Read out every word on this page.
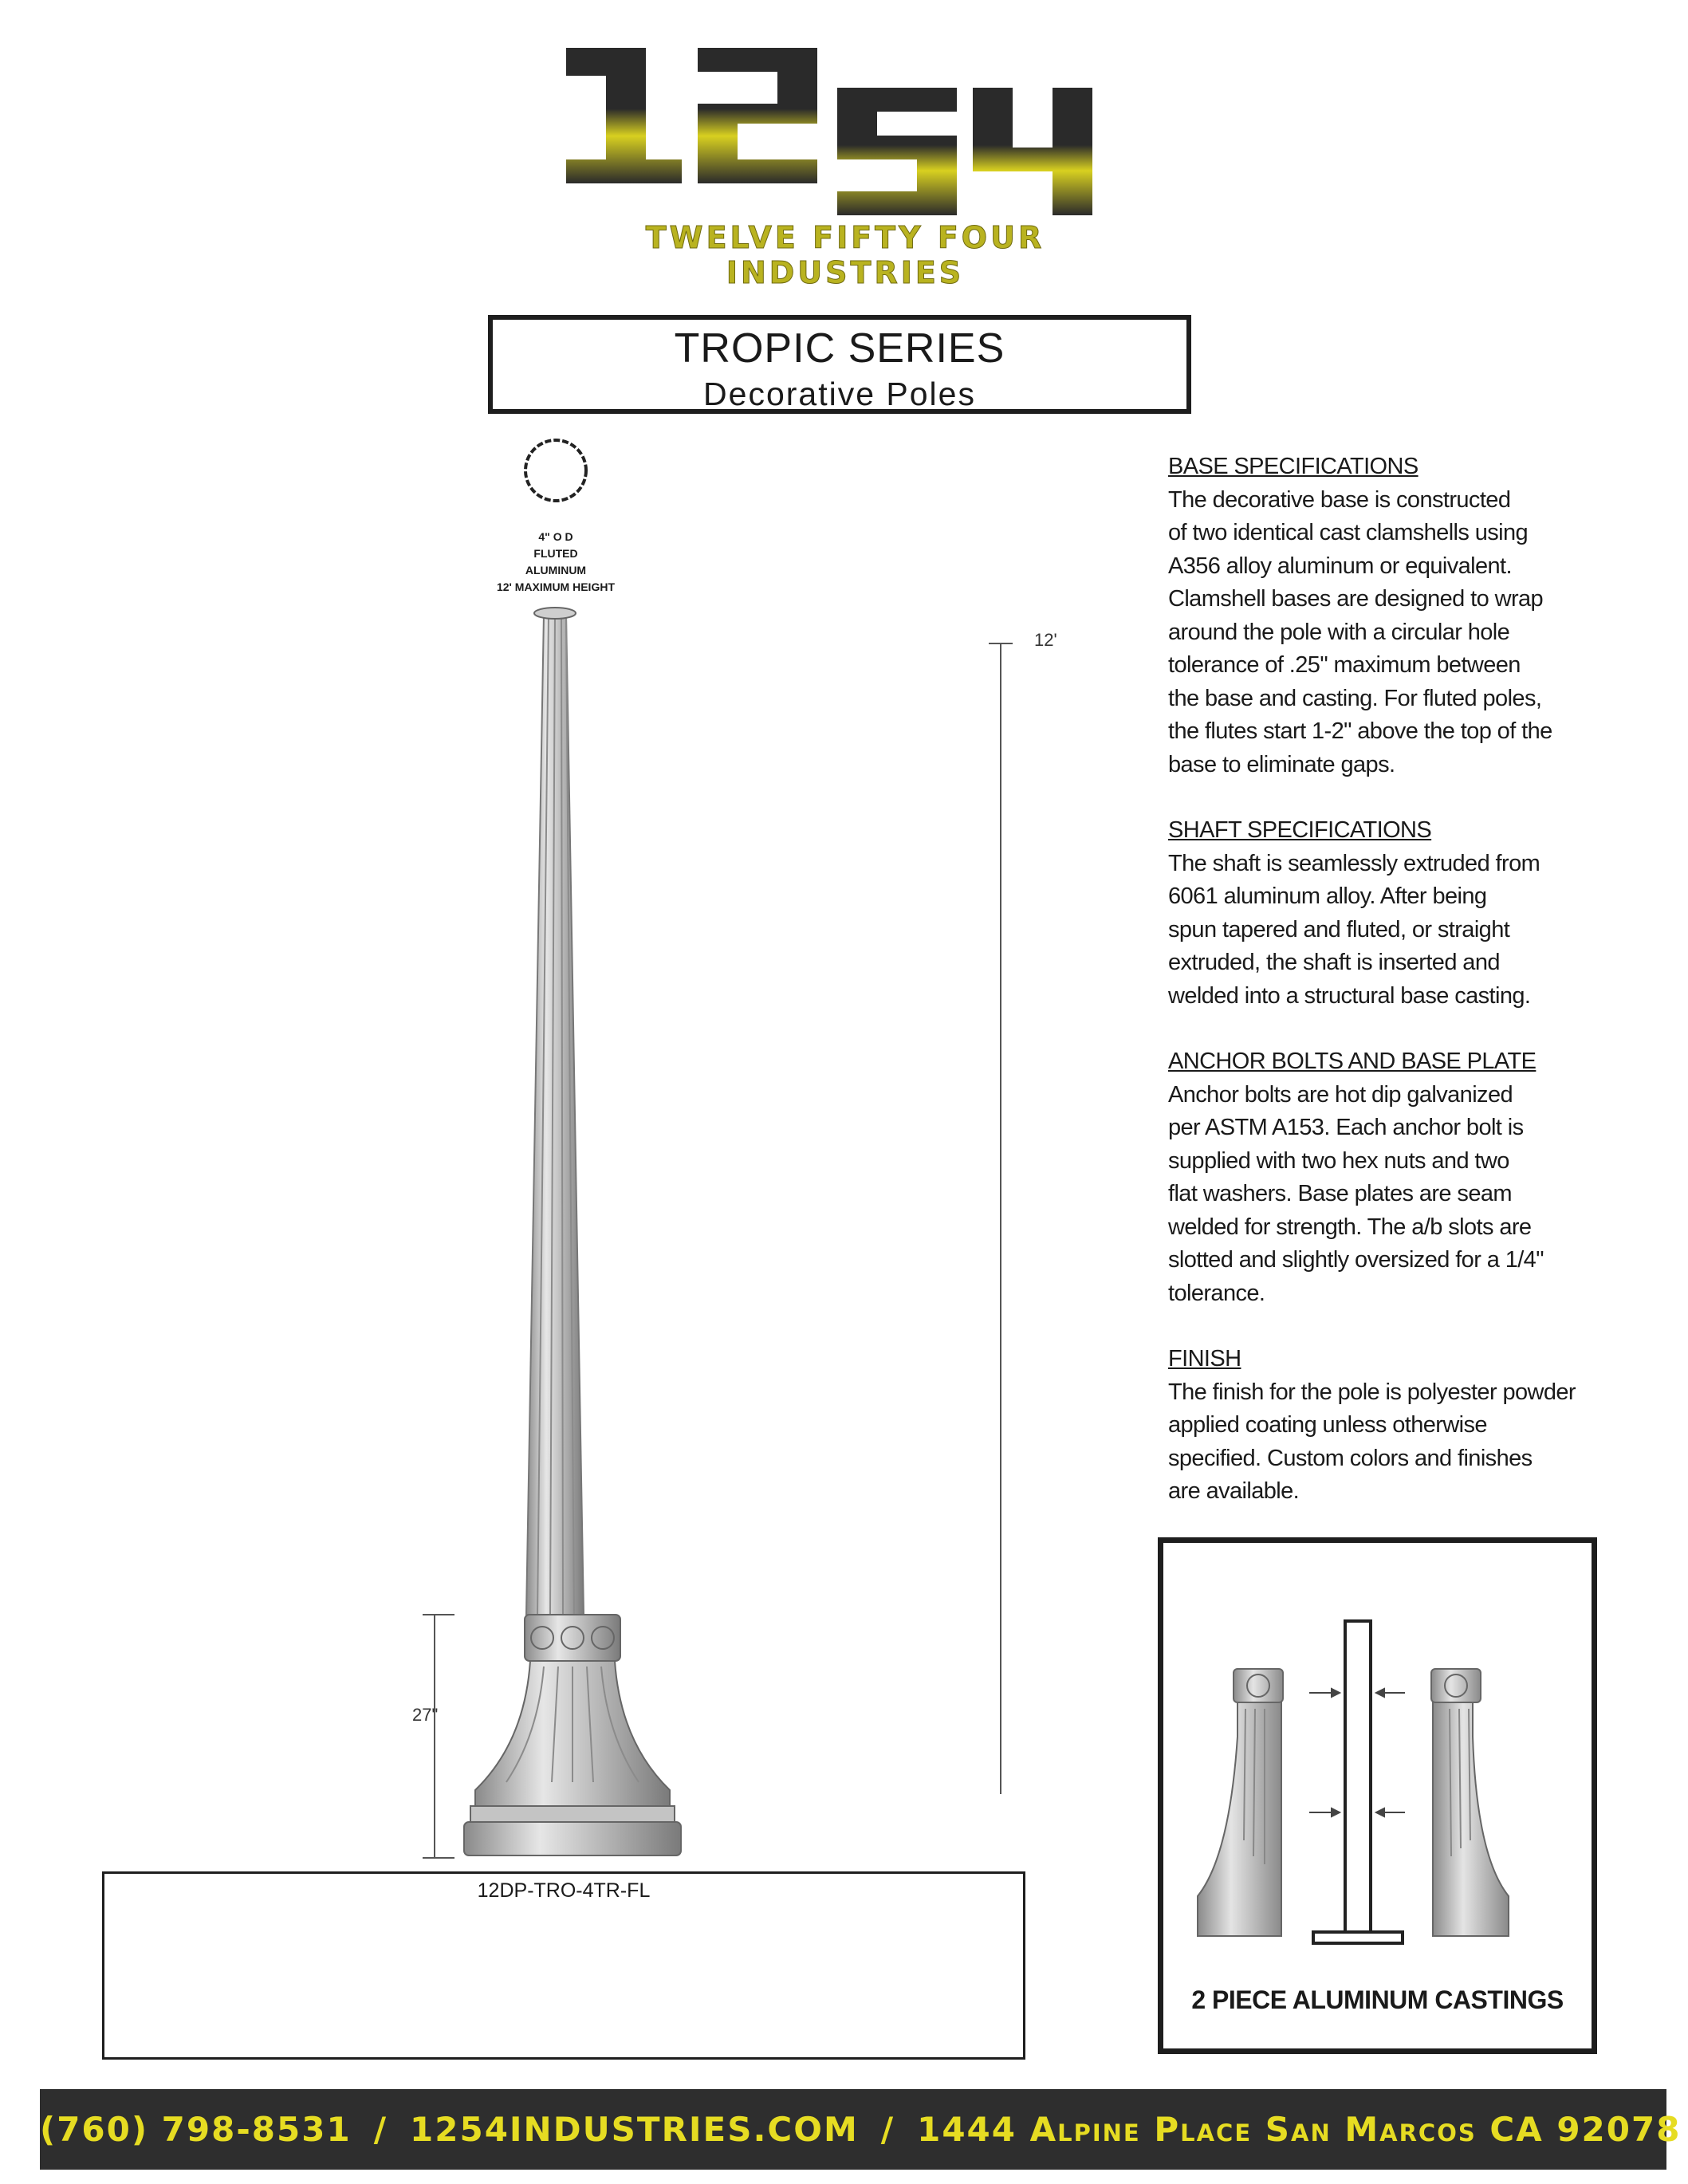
TWELVE FIFTY FOUR INDUSTRIES
TROPIC SERIES
Decorative Poles
4" O D
FLUTED
ALUMINUM
12' MAXIMUM HEIGHT
12'
27"
BASE SPECIFICATIONS
The decorative base is constructed
of two identical cast clamshells using
A356 alloy aluminum or equivalent.
Clamshell bases are designed to wrap
around the pole with a circular hole
tolerance of .25" maximum between
the base and casting. For fluted poles,
the flutes start 1-2" above the top of the
base to eliminate gaps.
SHAFT SPECIFICATIONS
The shaft is seamlessly extruded from
6061 aluminum alloy. After being
spun tapered and fluted, or straight
extruded, the shaft is inserted and
welded into a structural base casting.
ANCHOR BOLTS AND BASE PLATE
Anchor bolts are hot dip galvanized
per ASTM A153. Each anchor bolt is
supplied with two hex nuts and two
flat washers. Base plates are seam
welded for strength. The a/b slots are
slotted and slightly oversized for a 1/4"
tolerance.
FINISH
The finish for the pole is polyester powder
applied coating unless otherwise
specified. Custom colors and finishes
are available.
2 PIECE ALUMINUM CASTINGS
12DP-TRO-4TR-FL
(760) 798-8531 / 1254INDUSTRIES.COM / 1444 Alpine Place San Marcos CA 92078
